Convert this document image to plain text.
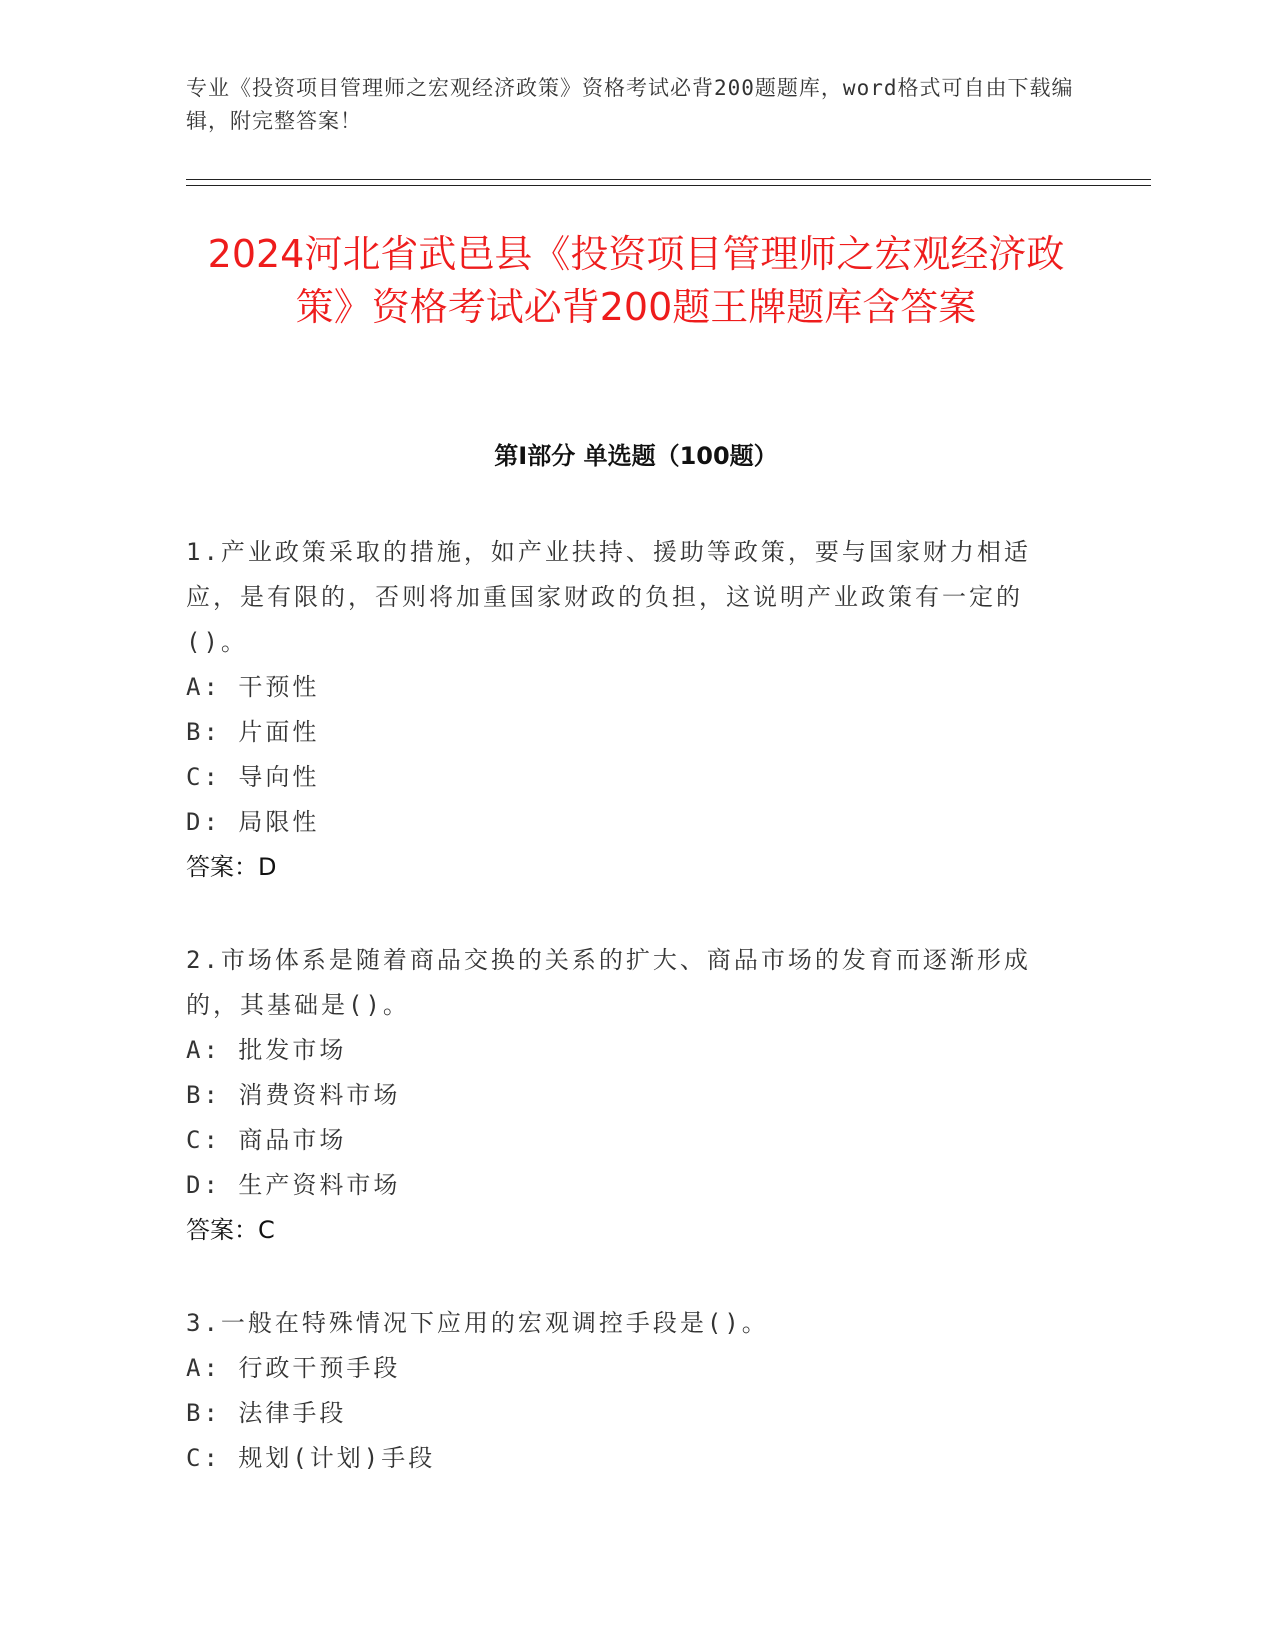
专业《投资项目管理师之宏观经济政策》资格考试必背200题题库，word格式可自由下载编辑，附完整答案！
2024河北省武邑县《投资项目管理师之宏观经济政策》资格考试必背200题王牌题库含答案
第I部分 单选题（100题）

1.产业政策采取的措施，如产业扶持、援助等政策，要与国家财力相适应，是有限的，否则将加重国家财政的负担，这说明产业政策有一定的()。

A: 干预性

B: 片面性

C: 导向性

D: 局限性

答案：D

2.市场体系是随着商品交换的关系的扩大、商品市场的发育而逐渐形成的，其基础是()。

A: 批发市场

B: 消费资料市场

C: 商品市场

D: 生产资料市场

答案：C

3.一般在特殊情况下应用的宏观调控手段是()。

A: 行政干预手段

B: 法律手段

C: 规划(计划)手段
